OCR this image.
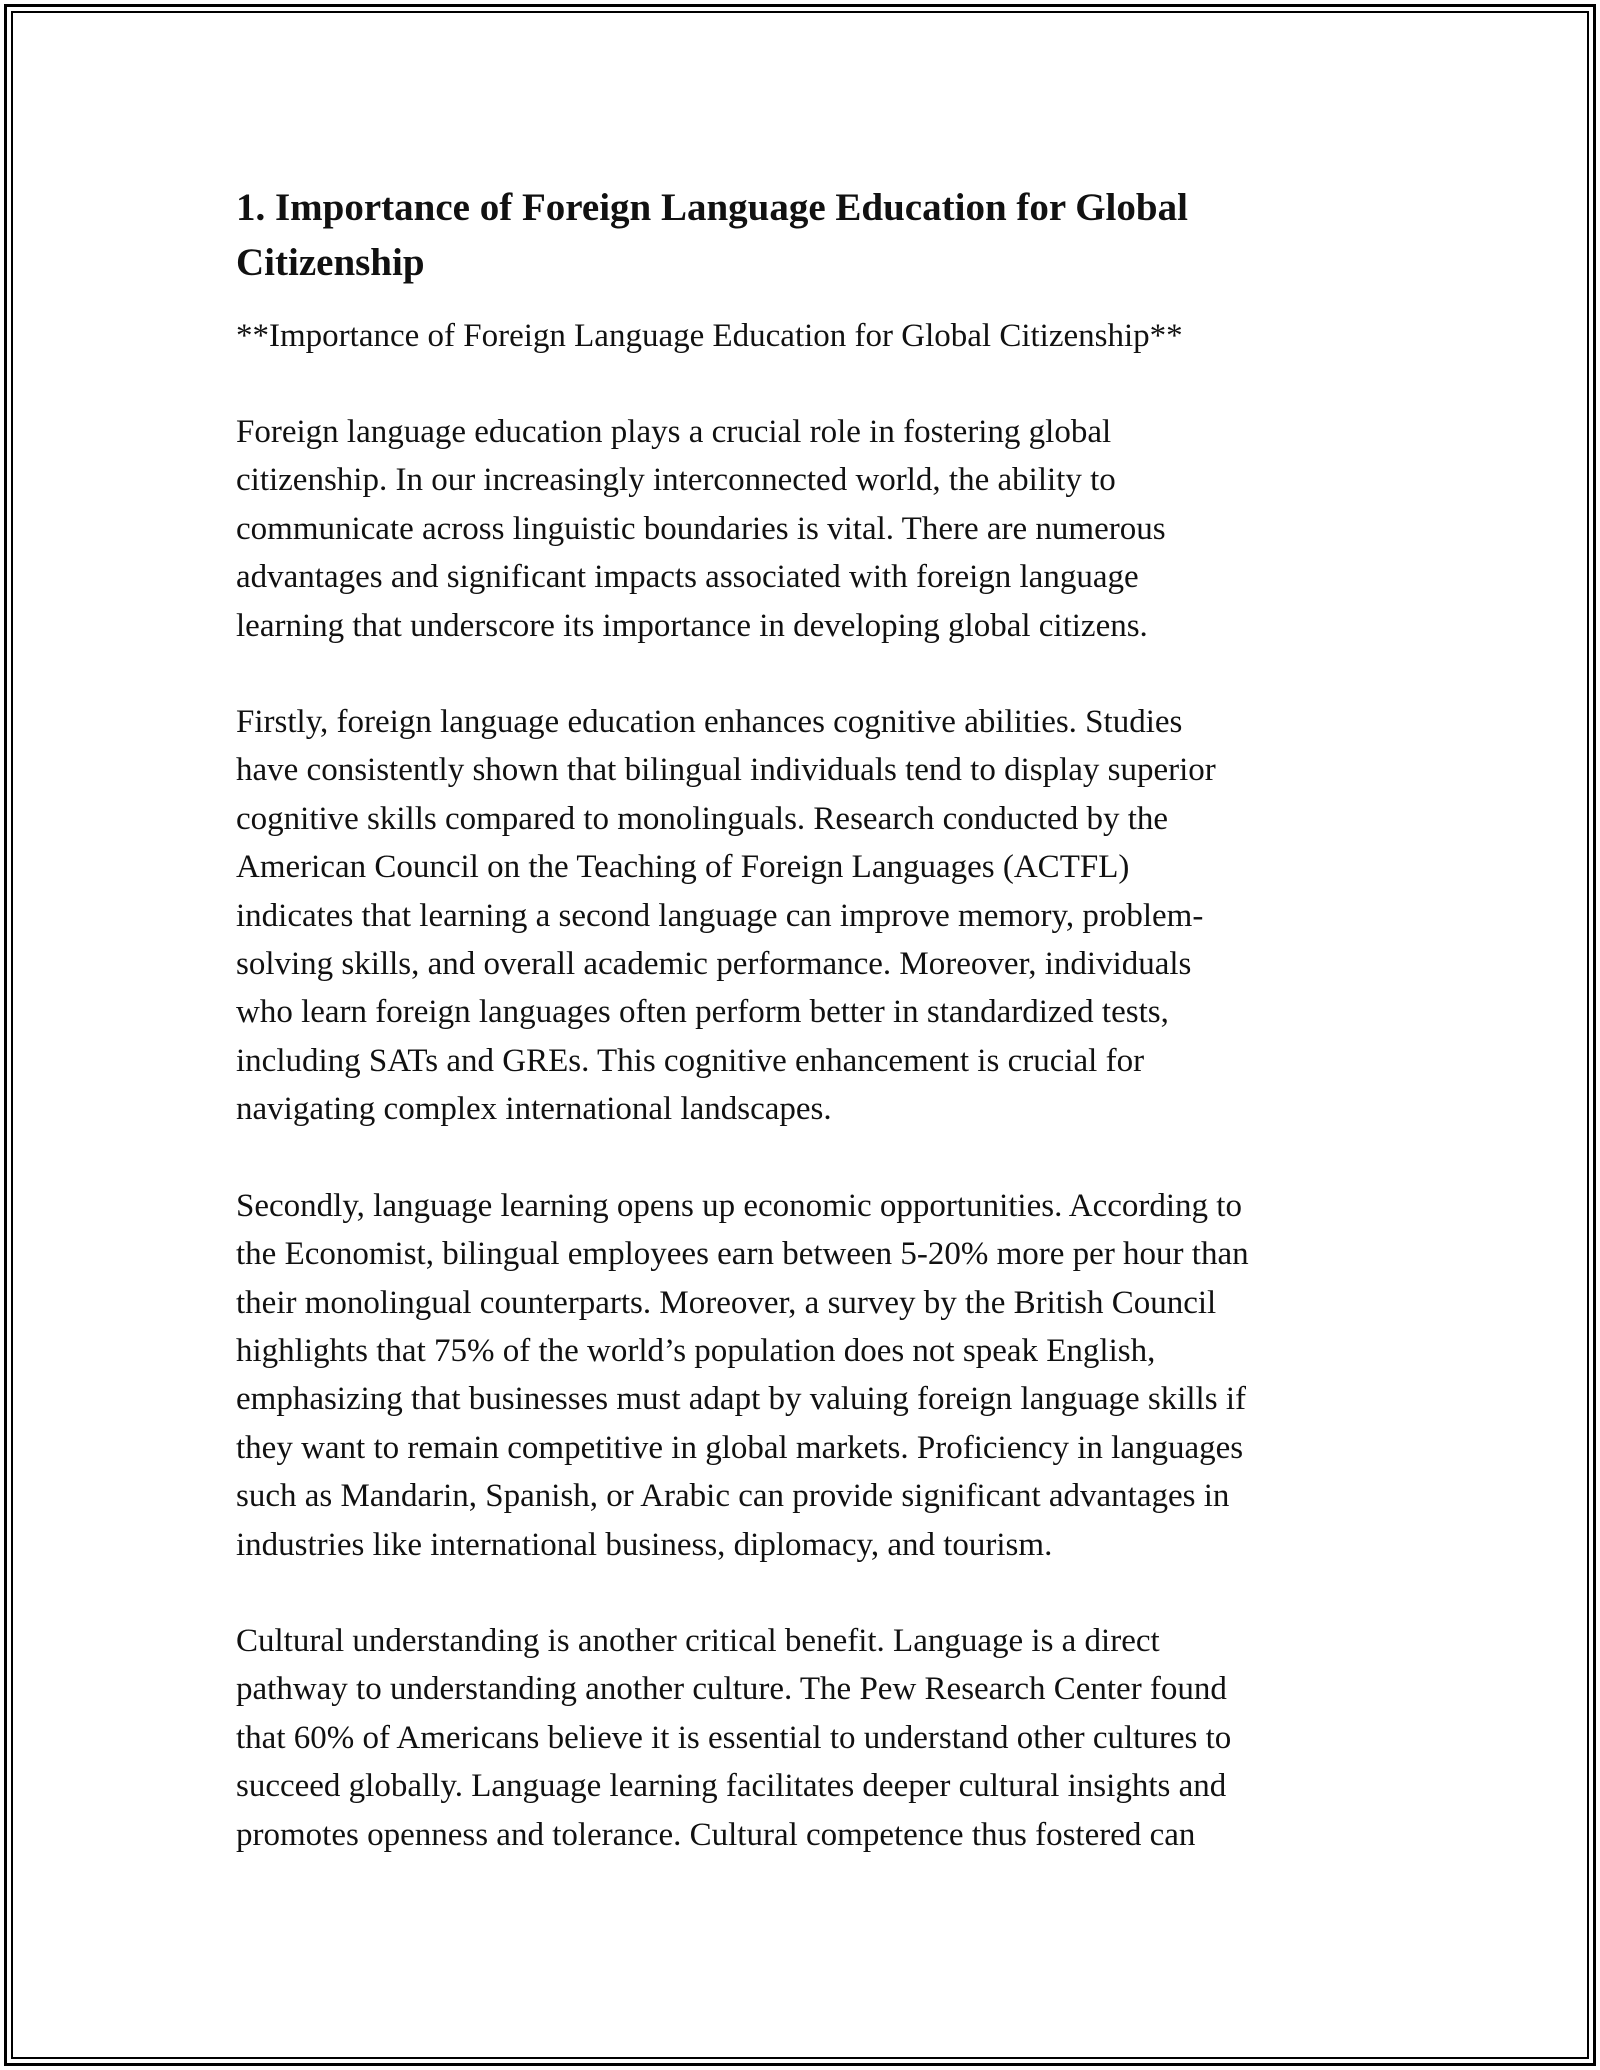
1. Importance of Foreign Language Education for Global
Citizenship
**Importance of Foreign Language Education for Global Citizenship**
Foreign language education plays a crucial role in fostering global
citizenship. In our increasingly interconnected world, the ability to
communicate across linguistic boundaries is vital. There are numerous
advantages and significant impacts associated with foreign language
learning that underscore its importance in developing global citizens.
Firstly, foreign language education enhances cognitive abilities. Studies
have consistently shown that bilingual individuals tend to display superior
cognitive skills compared to monolinguals. Research conducted by the
American Council on the Teaching of Foreign Languages (ACTFL)
indicates that learning a second language can improve memory, problem-
solving skills, and overall academic performance. Moreover, individuals
who learn foreign languages often perform better in standardized tests,
including SATs and GREs. This cognitive enhancement is crucial for
navigating complex international landscapes.
Secondly, language learning opens up economic opportunities. According to
the Economist, bilingual employees earn between 5-20% more per hour than
their monolingual counterparts. Moreover, a survey by the British Council
highlights that 75% of the world’s population does not speak English,
emphasizing that businesses must adapt by valuing foreign language skills if
they want to remain competitive in global markets. Proficiency in languages
such as Mandarin, Spanish, or Arabic can provide significant advantages in
industries like international business, diplomacy, and tourism.
Cultural understanding is another critical benefit. Language is a direct
pathway to understanding another culture. The Pew Research Center found
that 60% of Americans believe it is essential to understand other cultures to
succeed globally. Language learning facilitates deeper cultural insights and
promotes openness and tolerance. Cultural competence thus fostered can
